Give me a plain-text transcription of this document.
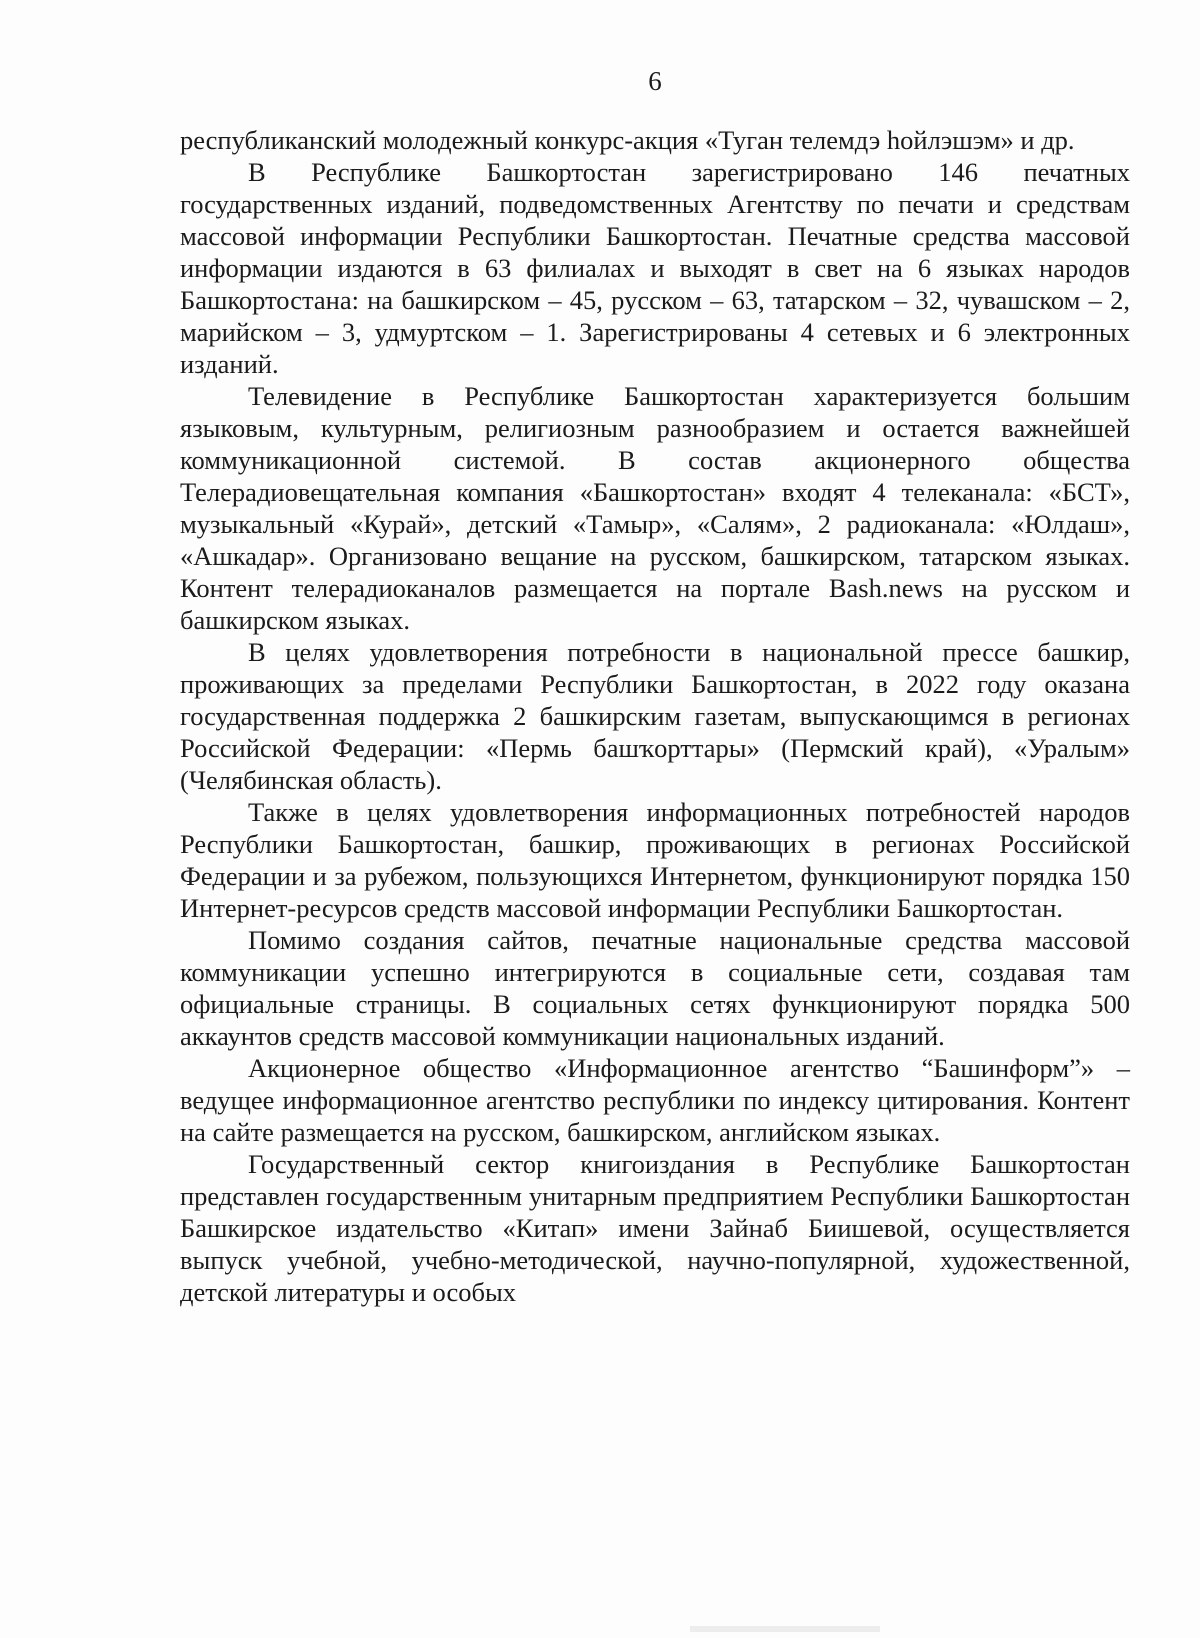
6

республиканский молодежный конкурс-акция «Туган телемдэ һойлэшэм» и др.

В Республике Башкортостан зарегистрировано 146 печатных государственных изданий, подведомственных Агентству по печати и средствам массовой информации Республики Башкортостан. Печатные средства массовой информации издаются в 63 филиалах и выходят в свет на 6 языках народов Башкортостана: на башкирском – 45, русском – 63, татарском – 32, чувашском – 2, марийском – 3, удмуртском – 1. Зарегистрированы 4 сетевых и 6 электронных изданий.

Телевидение в Республике Башкортостан характеризуется большим языковым, культурным, религиозным разнообразием и остается важнейшей коммуникационной системой. В состав акционерного общества Телерадиовещательная компания «Башкортостан» входят 4 телеканала: «БСТ», музыкальный «Курай», детский «Тамыр», «Салям», 2 радиоканала: «Юлдаш», «Ашкадар». Организовано вещание на русском, башкирском, татарском языках. Контент телерадиоканалов размещается на портале Bash.news на русском и башкирском языках.

В целях удовлетворения потребности в национальной прессе башкир, проживающих за пределами Республики Башкортостан, в 2022 году оказана государственная поддержка 2 башкирским газетам, выпускающимся в регионах Российской Федерации: «Пермь башҡорттары» (Пермский край), «Уралым» (Челябинская область).

Также в целях удовлетворения информационных потребностей народов Республики Башкортостан, башкир, проживающих в регионах Российской Федерации и за рубежом, пользующихся Интернетом, функционируют порядка 150 Интернет-ресурсов средств массовой информации Республики Башкортостан.

Помимо создания сайтов, печатные национальные средства массовой коммуникации успешно интегрируются в социальные сети, создавая там официальные страницы. В социальных сетях функционируют порядка 500 аккаунтов средств массовой коммуникации национальных изданий.

Акционерное общество «Информационное агентство “Башинформ”» – ведущее информационное агентство республики по индексу цитирования. Контент на сайте размещается на русском, башкирском, английском языках.

Государственный сектор книгоиздания в Республике Башкортостан представлен государственным унитарным предприятием Республики Башкортостан Башкирское издательство «Китап» имени Зайнаб Биишевой, осуществляется выпуск учебной, учебно-методической, научно-популярной, художественной, детской литературы и особых
